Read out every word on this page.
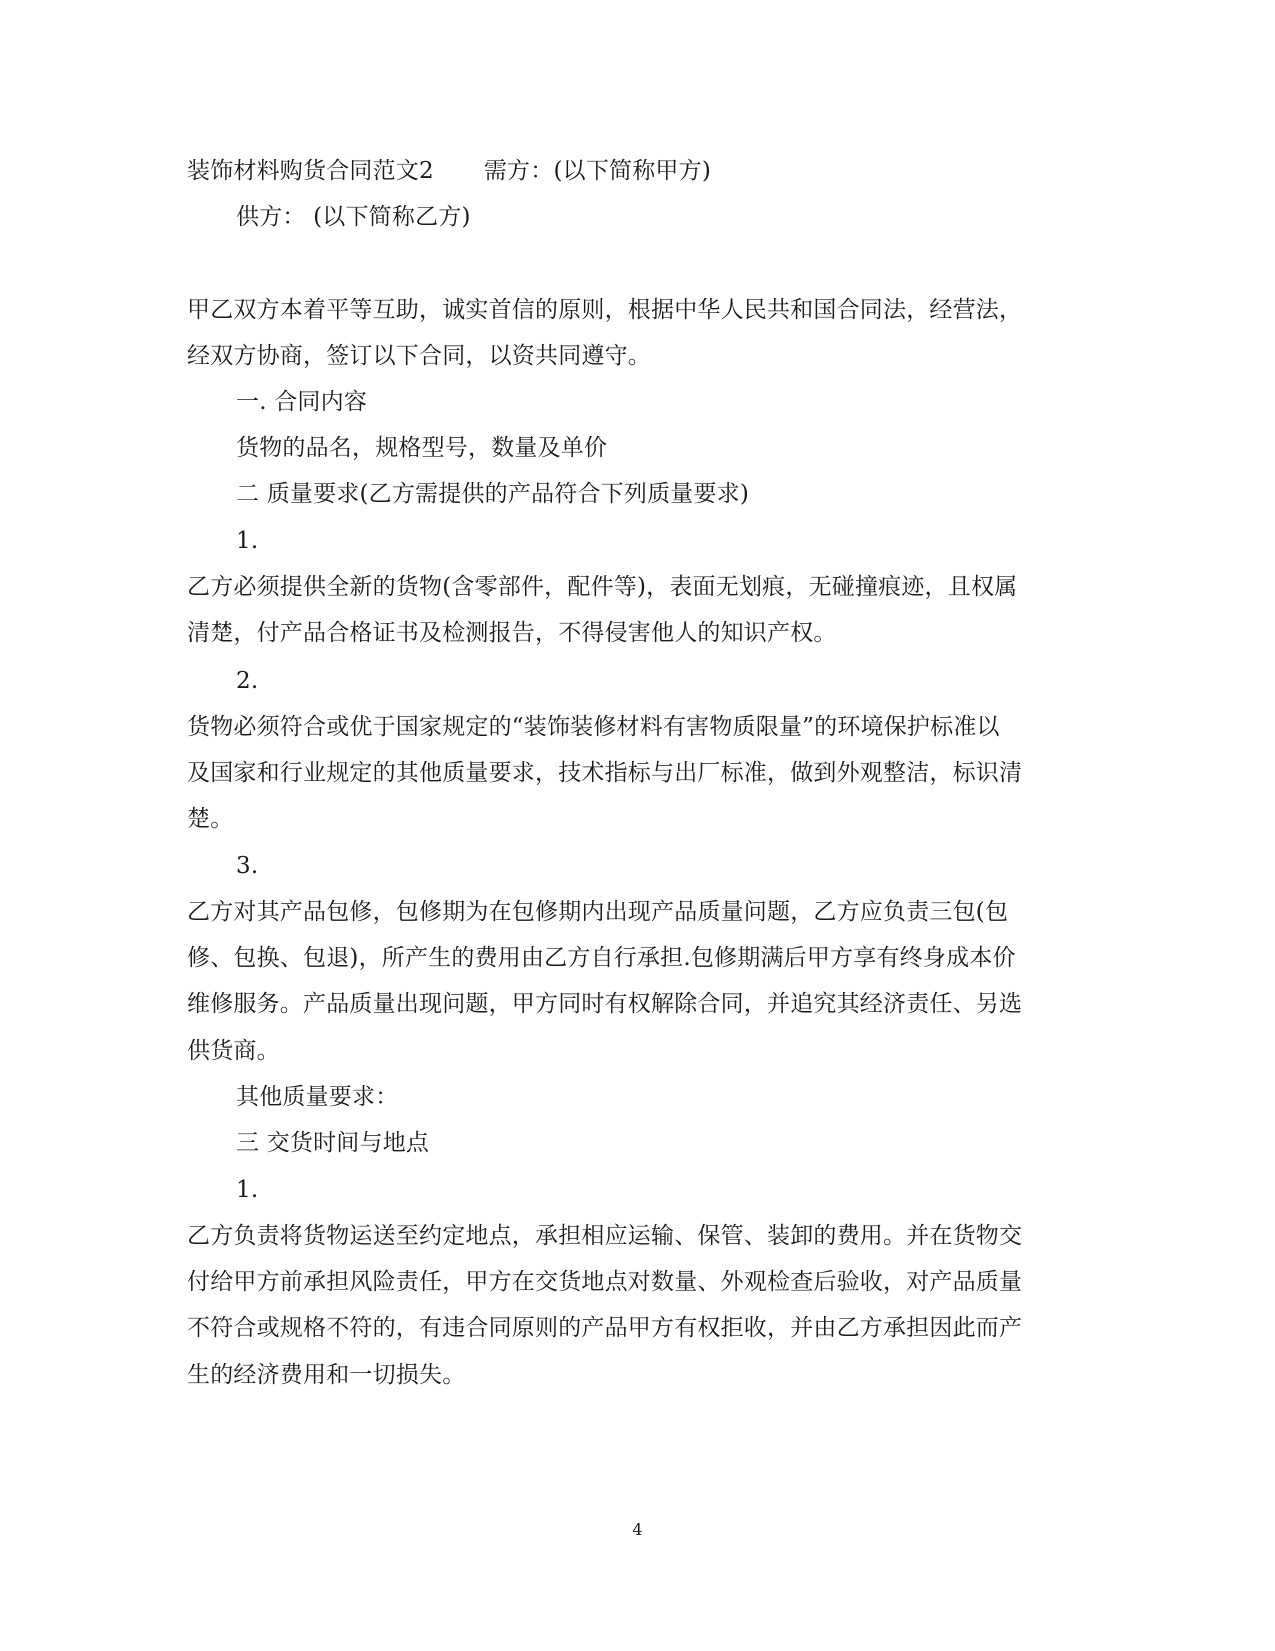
装饰材料购货合同范文2 需方：(以下简称甲方)
供方： (以下简称乙方)
甲乙双方本着平等互助，诚实首信的原则，根据中华人民共和国合同法，经营法，
经双方协商，签订以下合同，以资共同遵守。
一. 合同内容
货物的品名，规格型号，数量及单价
二 质量要求(乙方需提供的产品符合下列质量要求)
1.
乙方必须提供全新的货物(含零部件，配件等)，表面无划痕，无碰撞痕迹，且权属
清楚，付产品合格证书及检测报告，不得侵害他人的知识产权。
2.
货物必须符合或优于国家规定的“装饰装修材料有害物质限量”的环境保护标准以
及国家和行业规定的其他质量要求，技术指标与出厂标准，做到外观整洁，标识清
楚。
3.
乙方对其产品包修，包修期为在包修期内出现产品质量问题，乙方应负责三包(包
修、包换、包退)，所产生的费用由乙方自行承担.包修期满后甲方享有终身成本价
维修服务。产品质量出现问题，甲方同时有权解除合同，并追究其经济责任、另选
供货商。
其他质量要求：
三 交货时间与地点
1.
乙方负责将货物运送至约定地点，承担相应运输、保管、装卸的费用。并在货物交
付给甲方前承担风险责任，甲方在交货地点对数量、外观检查后验收，对产品质量
不符合或规格不符的，有违合同原则的产品甲方有权拒收，并由乙方承担因此而产
生的经济费用和一切损失。
4
